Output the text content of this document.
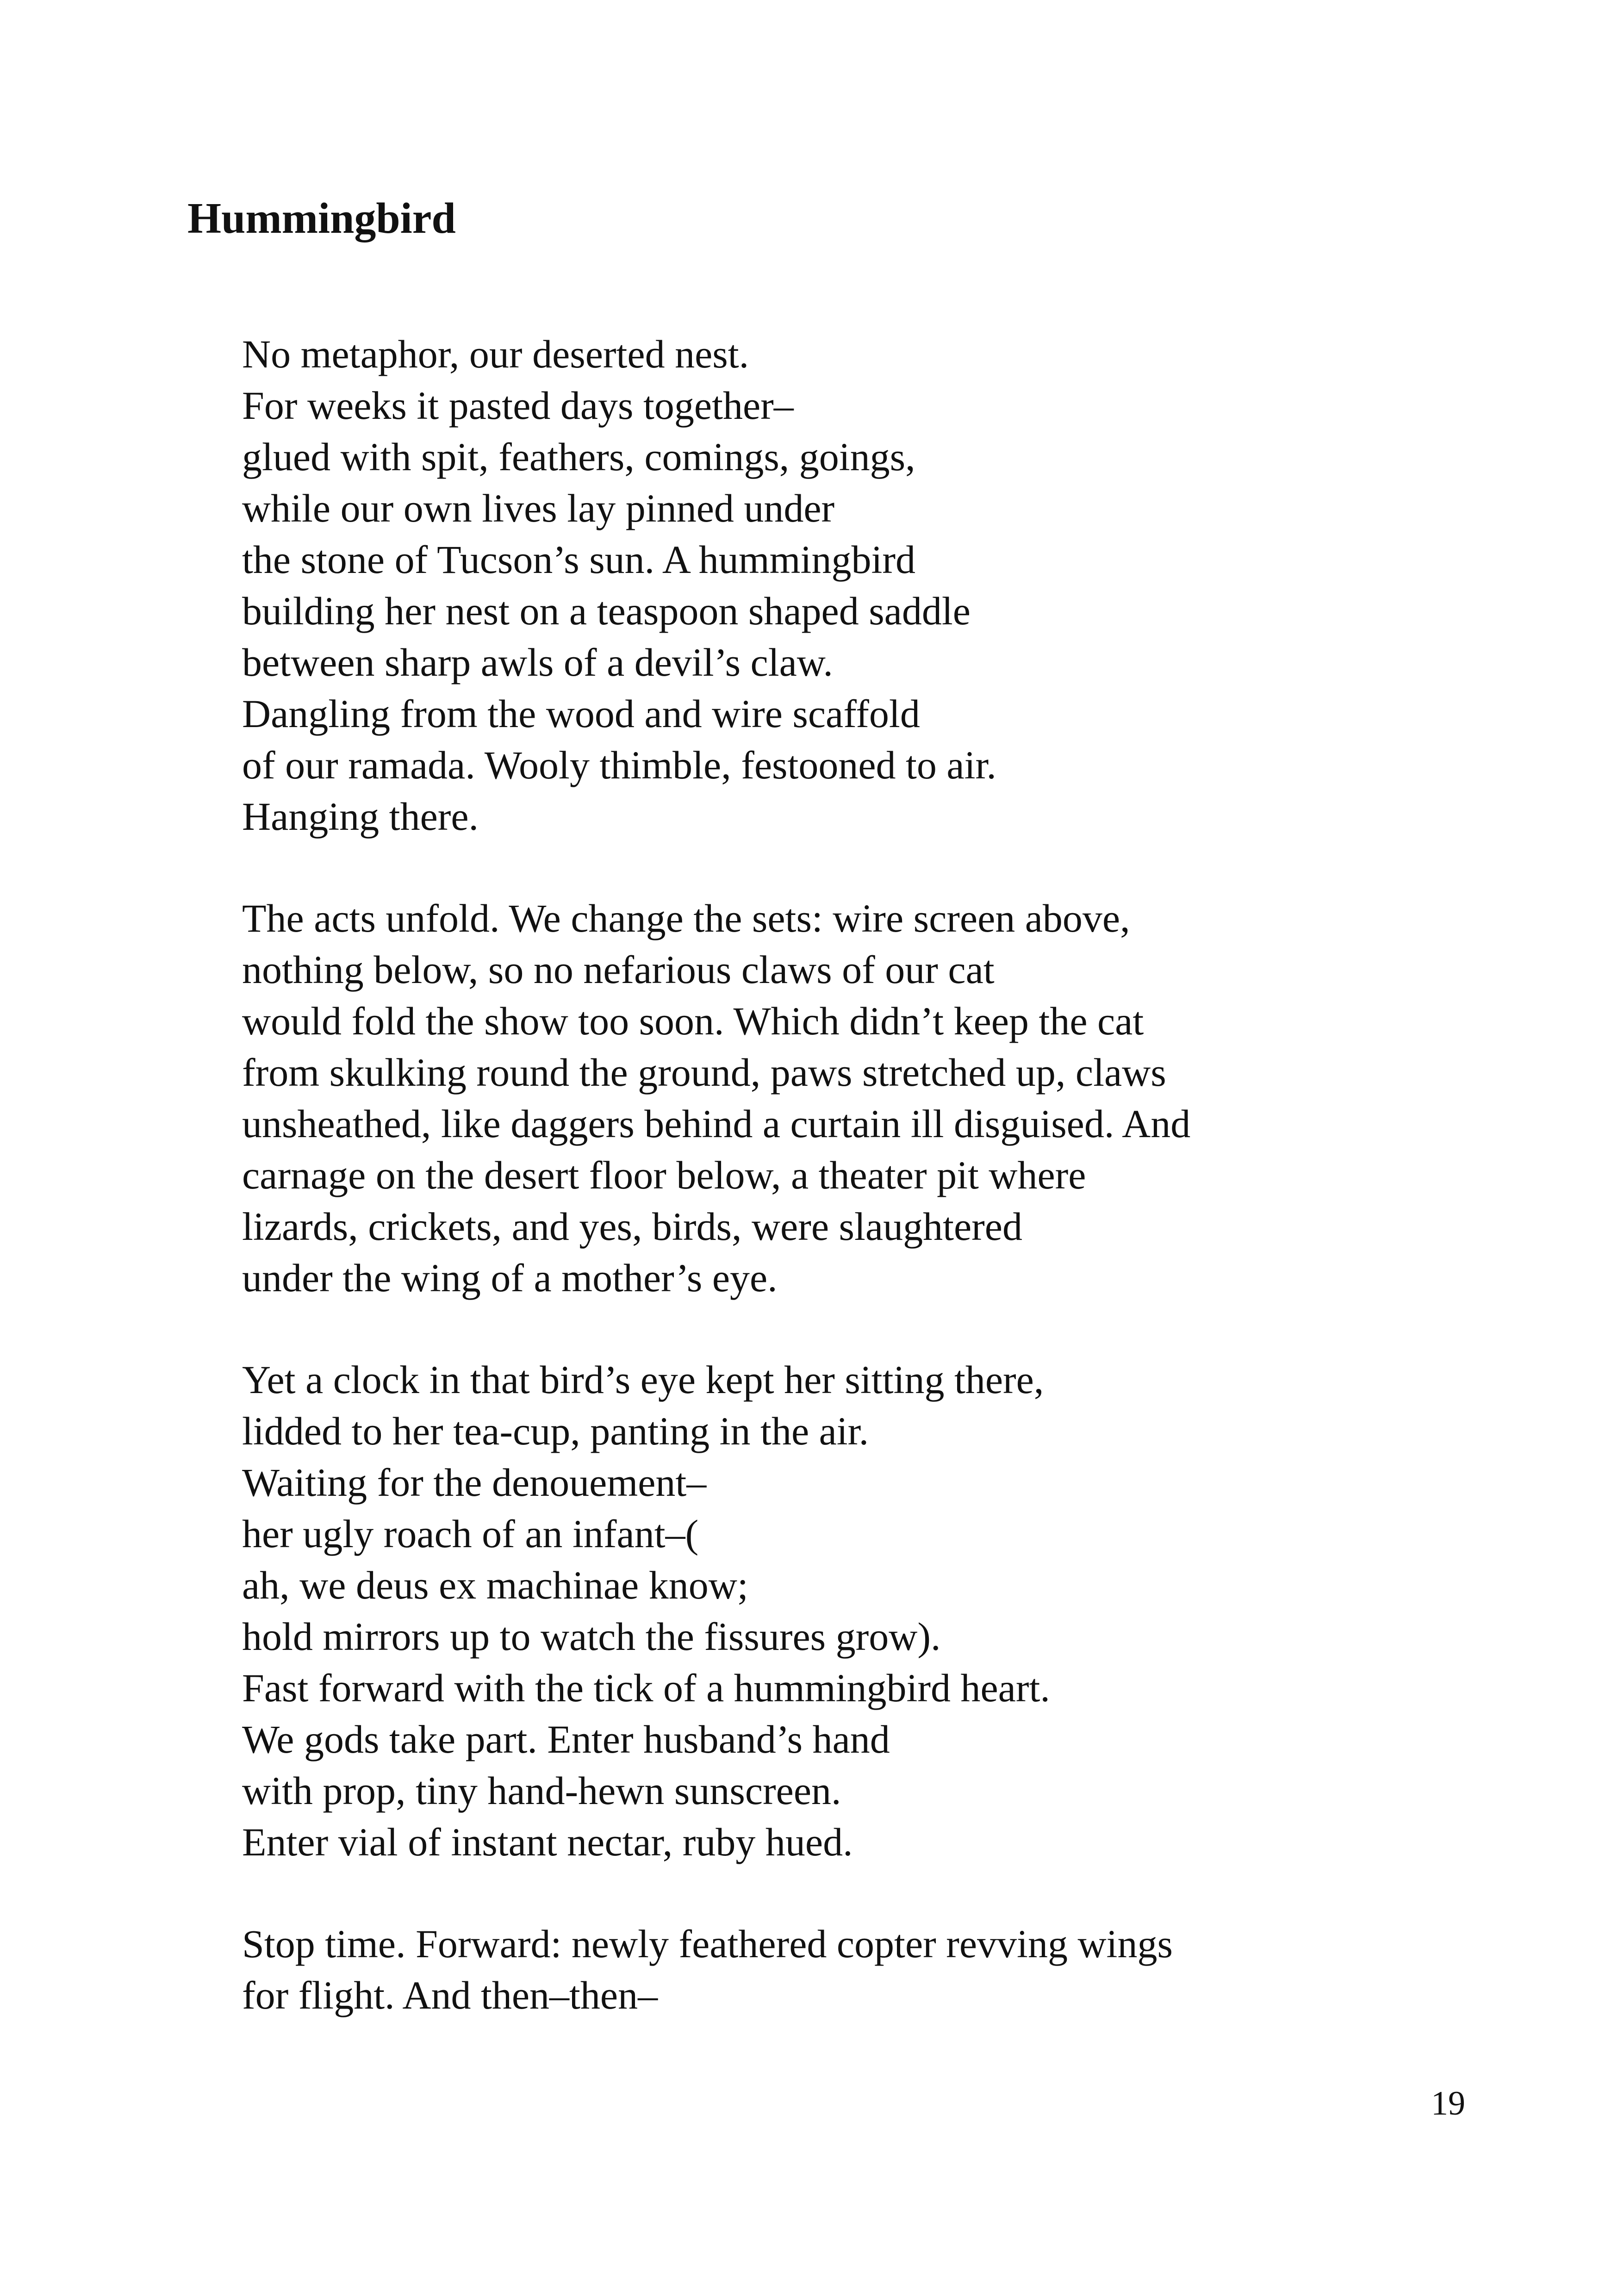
Hummingbird
No metaphor, our deserted nest.
For weeks it pasted days together–
glued with spit, feathers, comings, goings,
while our own lives lay pinned under
the stone of Tucson’s sun. A hummingbird
building her nest on a teaspoon shaped saddle
between sharp awls of a devil’s claw.
Dangling from the wood and wire scaffold
of our ramada. Wooly thimble, festooned to air.
Hanging there.
The acts unfold. We change the sets: wire screen above,
nothing below, so no nefarious claws of our cat
would fold the show too soon. Which didn’t keep the cat
from skulking round the ground, paws stretched up, claws
unsheathed, like daggers behind a curtain ill disguised. And
carnage on the desert floor below, a theater pit where
lizards, crickets, and yes, birds, were slaughtered
under the wing of a mother’s eye.
Yet a clock in that bird’s eye kept her sitting there,
lidded to her tea-cup, panting in the air.
Waiting for the denouement–
her ugly roach of an infant–(
ah, we deus ex machinae know;
hold mirrors up to watch the fissures grow).
Fast forward with the tick of a hummingbird heart.
We gods take part. Enter husband’s hand
with prop, tiny hand-hewn sunscreen.
Enter vial of instant nectar, ruby hued.
Stop time. Forward: newly feathered copter revving wings
for flight. And then–then–
19
